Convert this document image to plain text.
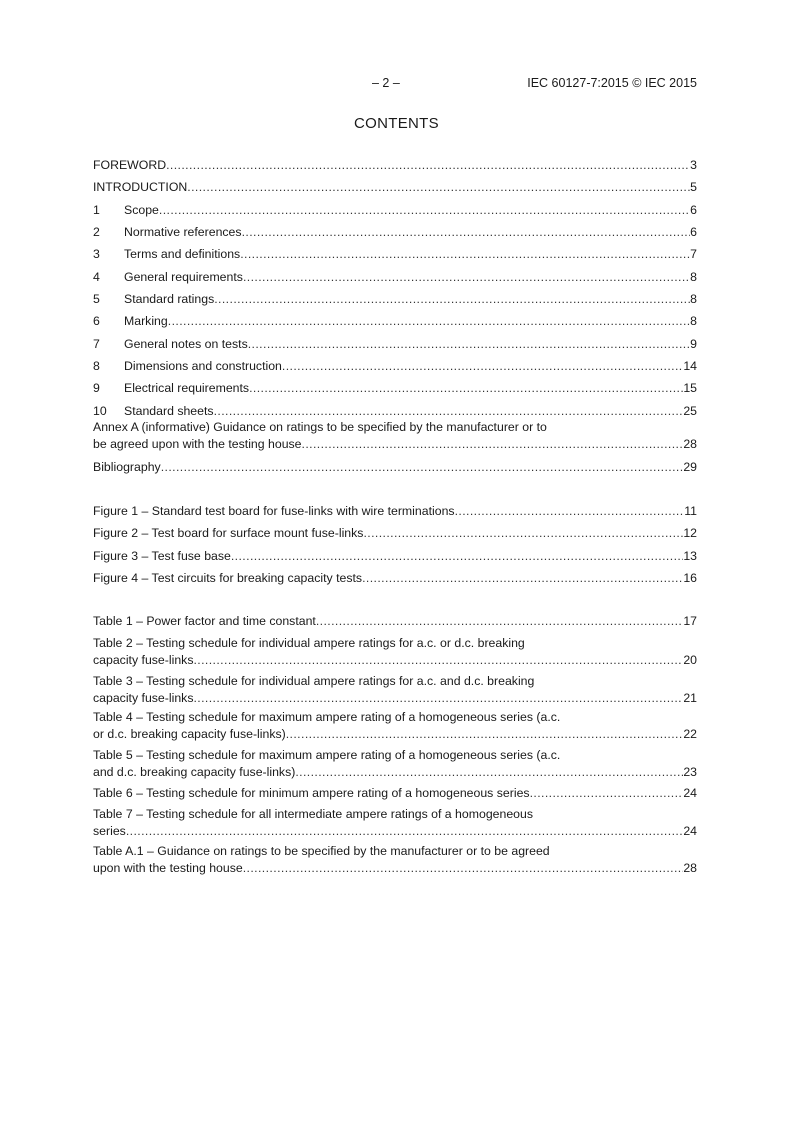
– 2 –	IEC 60127-7:2015 © IEC 2015
CONTENTS
FOREWORD .....	3
INTRODUCTION .....	5
1	Scope .....	6
2	Normative references .....	6
3	Terms and definitions .....	7
4	General requirements .....	8
5	Standard ratings .....	8
6	Marking .....	8
7	General notes on tests .....	9
8	Dimensions and construction .....	14
9	Electrical requirements .....	15
10	Standard sheets .....	25
Annex A (informative) Guidance on ratings to be specified by the manufacturer or to
be agreed upon with the testing house .....	28
Bibliography .....	29
Figure 1 – Standard test board for fuse-links with wire terminations .....	11
Figure 2 – Test board for surface mount fuse-links .....	12
Figure 3 – Test fuse base .....	13
Figure 4 – Test circuits for breaking capacity tests .....	16
Table 1 – Power factor and time constant .....	17
Table 2 – Testing schedule for individual ampere ratings for a.c. or d.c. breaking
capacity fuse-links .....	20
Table 3 – Testing schedule for individual ampere ratings for a.c. and d.c. breaking
capacity fuse-links .....	21
Table 4 – Testing schedule for maximum ampere rating of a homogeneous series (a.c.
or d.c. breaking capacity fuse-links) .....	22
Table 5 – Testing schedule for maximum ampere rating of a homogeneous series (a.c.
and d.c. breaking capacity fuse-links) .....	23
Table 6 – Testing schedule for minimum ampere rating of a homogeneous series .....	24
Table 7 – Testing schedule for all intermediate ampere ratings of a homogeneous
series .....	24
Table A.1 – Guidance on ratings to be specified by the manufacturer or to be agreed
upon with the testing house .....	28
